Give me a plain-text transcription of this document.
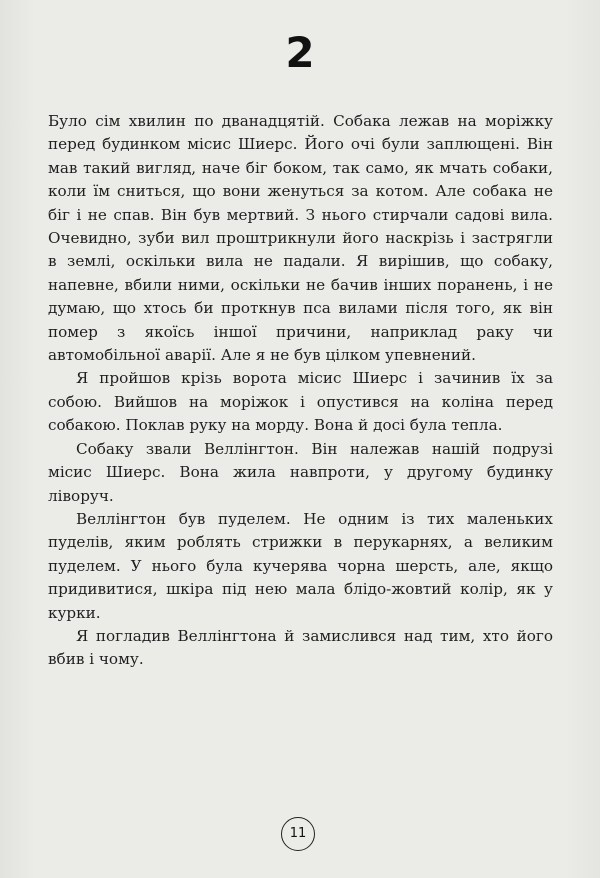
2

Було сім хвилин по дванадцятій. Собака лежав на моріжку перед будинком місис Шиерс. Його очі були заплющені. Він мав такий вигляд, наче біг боком, так само, як мчать собаки, коли їм сниться, що вони женуться за котом. Але собака не біг і не спав. Він був мертвий. З нього стирчали садові вила. Очевидно, зуби вил проштрикнули його наскрізь і застрягли в землі, оскільки вила не падали. Я вирішив, що собаку, напевне, вбили ними, оскільки не бачив інших поранень, і не думаю, що хтось би проткнув пса вилами після того, як він помер з якоїсь іншої причини, наприклад раку чи автомобільної аварії. Але я не був цілком упевнений.

Я пройшов крізь ворота місис Шиерс і зачинив їх за собою. Вийшов на моріжок і опустився на коліна перед собакою. Поклав руку на морду. Вона й досі була тепла.

Собаку звали Веллінгтон. Він належав нашій подрузі місис Шиерс. Вона жила навпроти, у другому будинку ліворуч.

Веллінгтон був пуделем. Не одним із тих маленьких пуделів, яким роблять стрижки в перукарнях, а великим пуделем. У нього була кучерява чорна шерсть, але, якщо придивитися, шкіра під нею мала блідо-жовтий колір, як у курки.

Я погладив Веллінгтона й замислився над тим, хто його вбив і чому.

11
